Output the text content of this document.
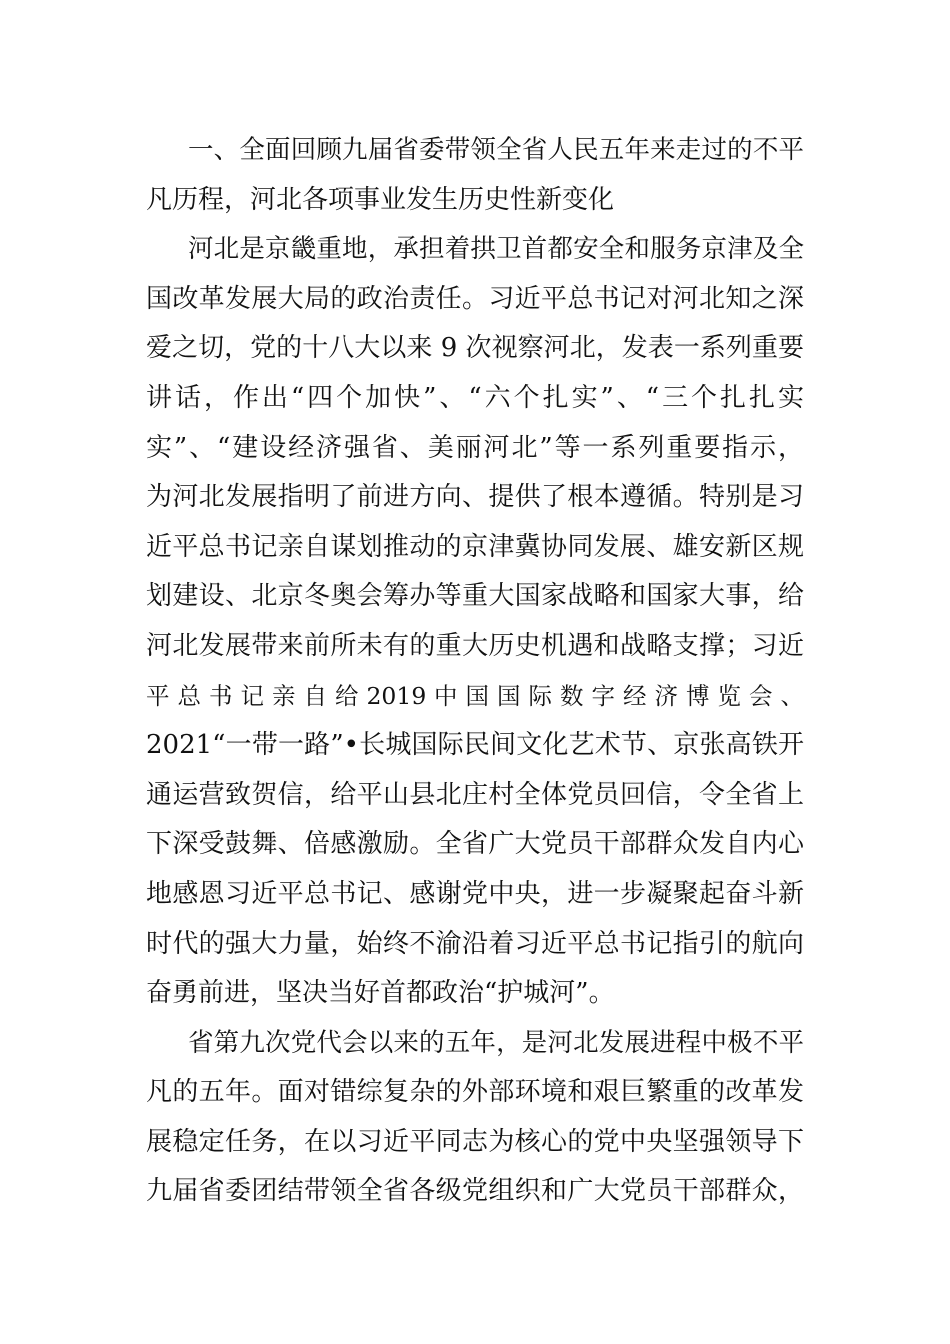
一、全面回顾九届省委带领全省人民五年来走过的不平
凡历程，河北各项事业发生历史性新变化
河北是京畿重地，承担着拱卫首都安全和服务京津及全
国改革发展大局的政治责任。习近平总书记对河北知之深
爱之切，党的十八大以来 9 次视察河北，发表一系列重要
讲话，作出“四个加快”、“六个扎实”、“三个扎扎实
实”、“建设经济强省、美丽河北”等一系列重要指示，
为河北发展指明了前进方向、提供了根本遵循。特别是习
近平总书记亲自谋划推动的京津冀协同发展、雄安新区规
划建设、北京冬奥会筹办等重大国家战略和国家大事，给
河北发展带来前所未有的重大历史机遇和战略支撑；习近
平 总 书 记 亲 自 给 2019 中 国 国 际 数 字 经 济 博 览 会 、
2021“一带一路”•长城国际民间文化艺术节、京张高铁开
通运营致贺信，给平山县北庄村全体党员回信，令全省上
下深受鼓舞、倍感激励。全省广大党员干部群众发自内心
地感恩习近平总书记、感谢党中央，进一步凝聚起奋斗新
时代的强大力量，始终不渝沿着习近平总书记指引的航向
奋勇前进，坚决当好首都政治“护城河”。
省第九次党代会以来的五年，是河北发展进程中极不平
凡的五年。面对错综复杂的外部环境和艰巨繁重的改革发
展稳定任务，在以习近平同志为核心的党中央坚强领导下
九届省委团结带领全省各级党组织和广大党员干部群众，
